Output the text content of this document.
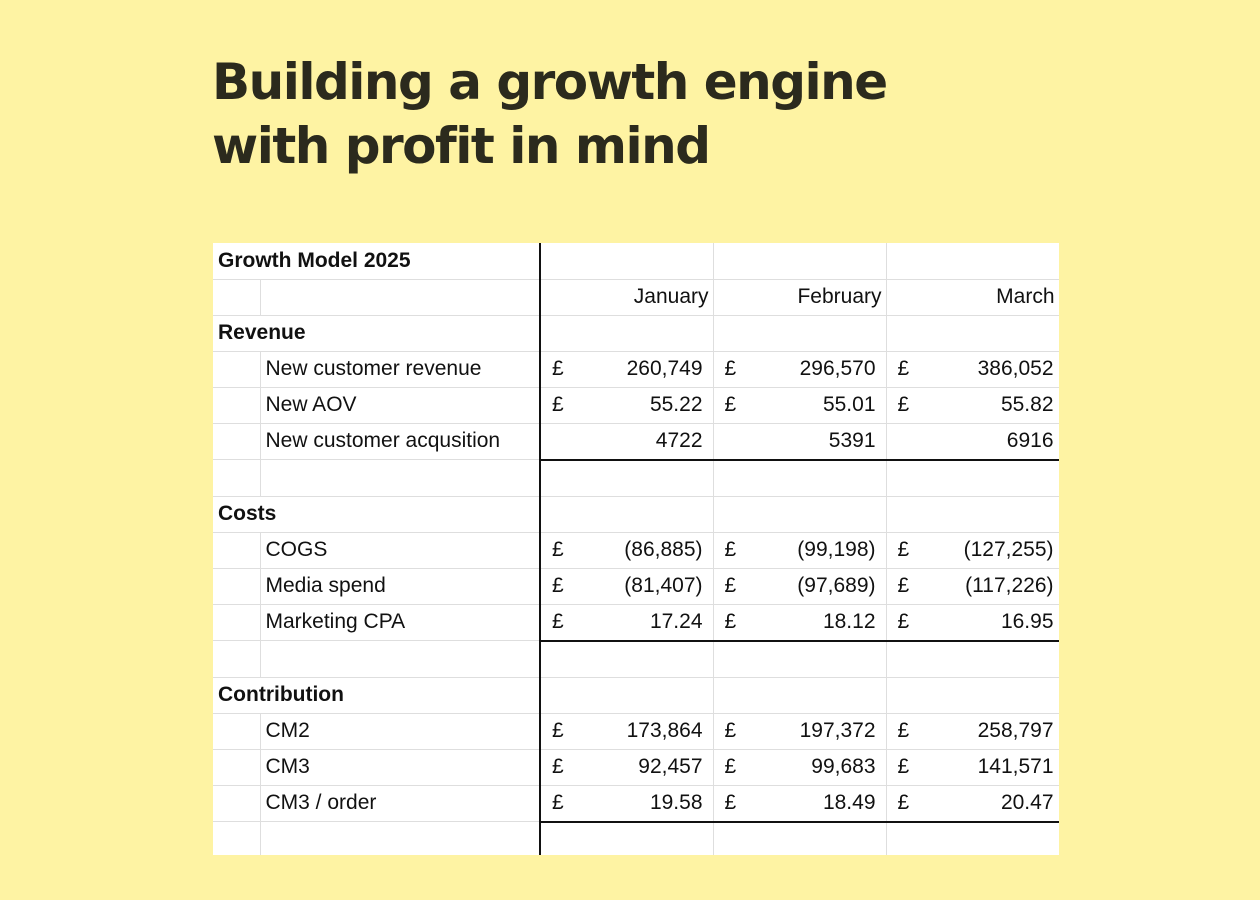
Building a growth engine
with profit in mind
Growth Model 2025							
		January		February		March	
Revenue							
	New customer revenue	£	260,749	£	296,570	£	386,052
	New AOV	£	55.22	£	55.01	£	55.82
	New customer acqusition		4722		5391		6916

Costs							
	COGS	£	(86,885)	£	(99,198)	£	(127,255)
	Media spend	£	(81,407)	£	(97,689)	£	(117,226)
	Marketing CPA	£	17.24	£	18.12	£	16.95

Contribution							
	CM2	£	173,864	£	197,372	£	258,797
	CM3	£	92,457	£	99,683	£	141,571
	CM3 / order	£	19.58	£	18.49	£	20.47
